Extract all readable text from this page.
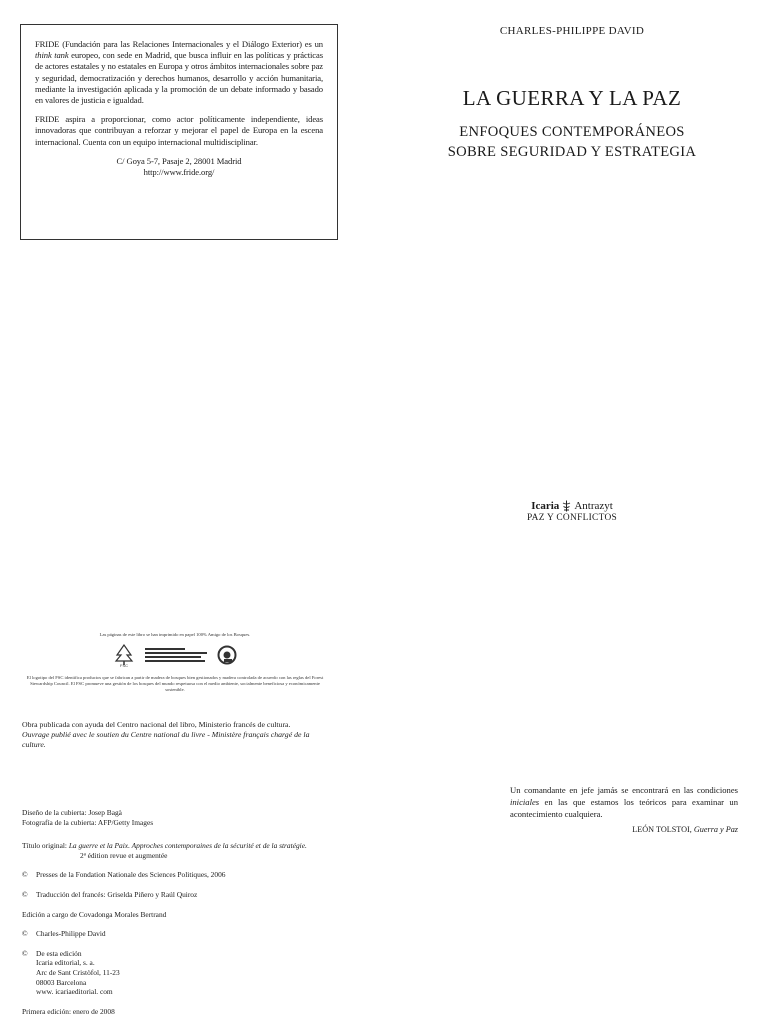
FRIDE (Fundación para las Relaciones Internacionales y el Diálogo Exterior) es un think tank europeo, con sede en Madrid, que busca influir en las políticas y prácticas de actores estatales y no estatales en Europa y otros ámbitos internacionales sobre paz y seguridad, democratización y derechos humanos, desarrollo y acción humanitaria, mediante la investigación aplicada y la promoción de un debate informado y basado en valores de justicia e igualdad.

FRIDE aspira a proporcionar, como actor políticamente independiente, ideas innovadoras que contribuyan a reforzar y mejorar el papel de Europa en la escena internacional. Cuenta con un equipo internacional multidisciplinar.

C/ Goya 5-7, Pasaje 2, 28001 Madrid
http://www.fride.org/
Las páginas de este libro se han imprimido en papel 100% Amigo de los Bosques.
FSC
El logotipo del FSC identifica productos que se fabrican a partir de madera de bosques bien gestionados y madera controlada de acuerdo con las reglas del Forest Stewardship Council. El FSC promueve una gestión de los bosques del mundo respetuosa con el medio ambiente, socialmente beneficiosa y económicamente sostenible.
Obra publicada con ayuda del Centro nacional del libro, Ministerio francés de cultura.
Ouvrage publié avec le soutien du Centre national du livre - Ministère français chargé de la culture.
Diseño de la cubierta: Josep Bagà
Fotografía de la cubierta: AFP/Getty Images
Título original: La guerre et la Paix. Approches contemporaines de la sécurité et de la stratégie.
2ª édition revue et augmentée
©	Presses de la Fondation Nationale des Sciences Politiques, 2006
©	Traducción del francés: Griselda Piñero y Raúl Quiroz
Edición a cargo de Covadonga Morales Bertrand
©	Charles-Philippe David
©	De esta edición
Icaria editorial, s. a.
Arc de Sant Cristòfol, 11-23
08003 Barcelona
www. icariaeditorial. com
Primera edición: enero de 2008
CHARLES-PHILIPPE DAVID
LA GUERRA Y LA PAZ
ENFOQUES CONTEMPORÁNEOS
SOBRE SEGURIDAD Y ESTRATEGIA
Icaria Antrazyt
PAZ Y CONFLICTOS

Un comandante en jefe jamás se encontrará en las condiciones iniciales en las que estamos los teóricos para examinar un acontecimiento cualquiera.

LEÓN TOLSTOI, Guerra y Paz
